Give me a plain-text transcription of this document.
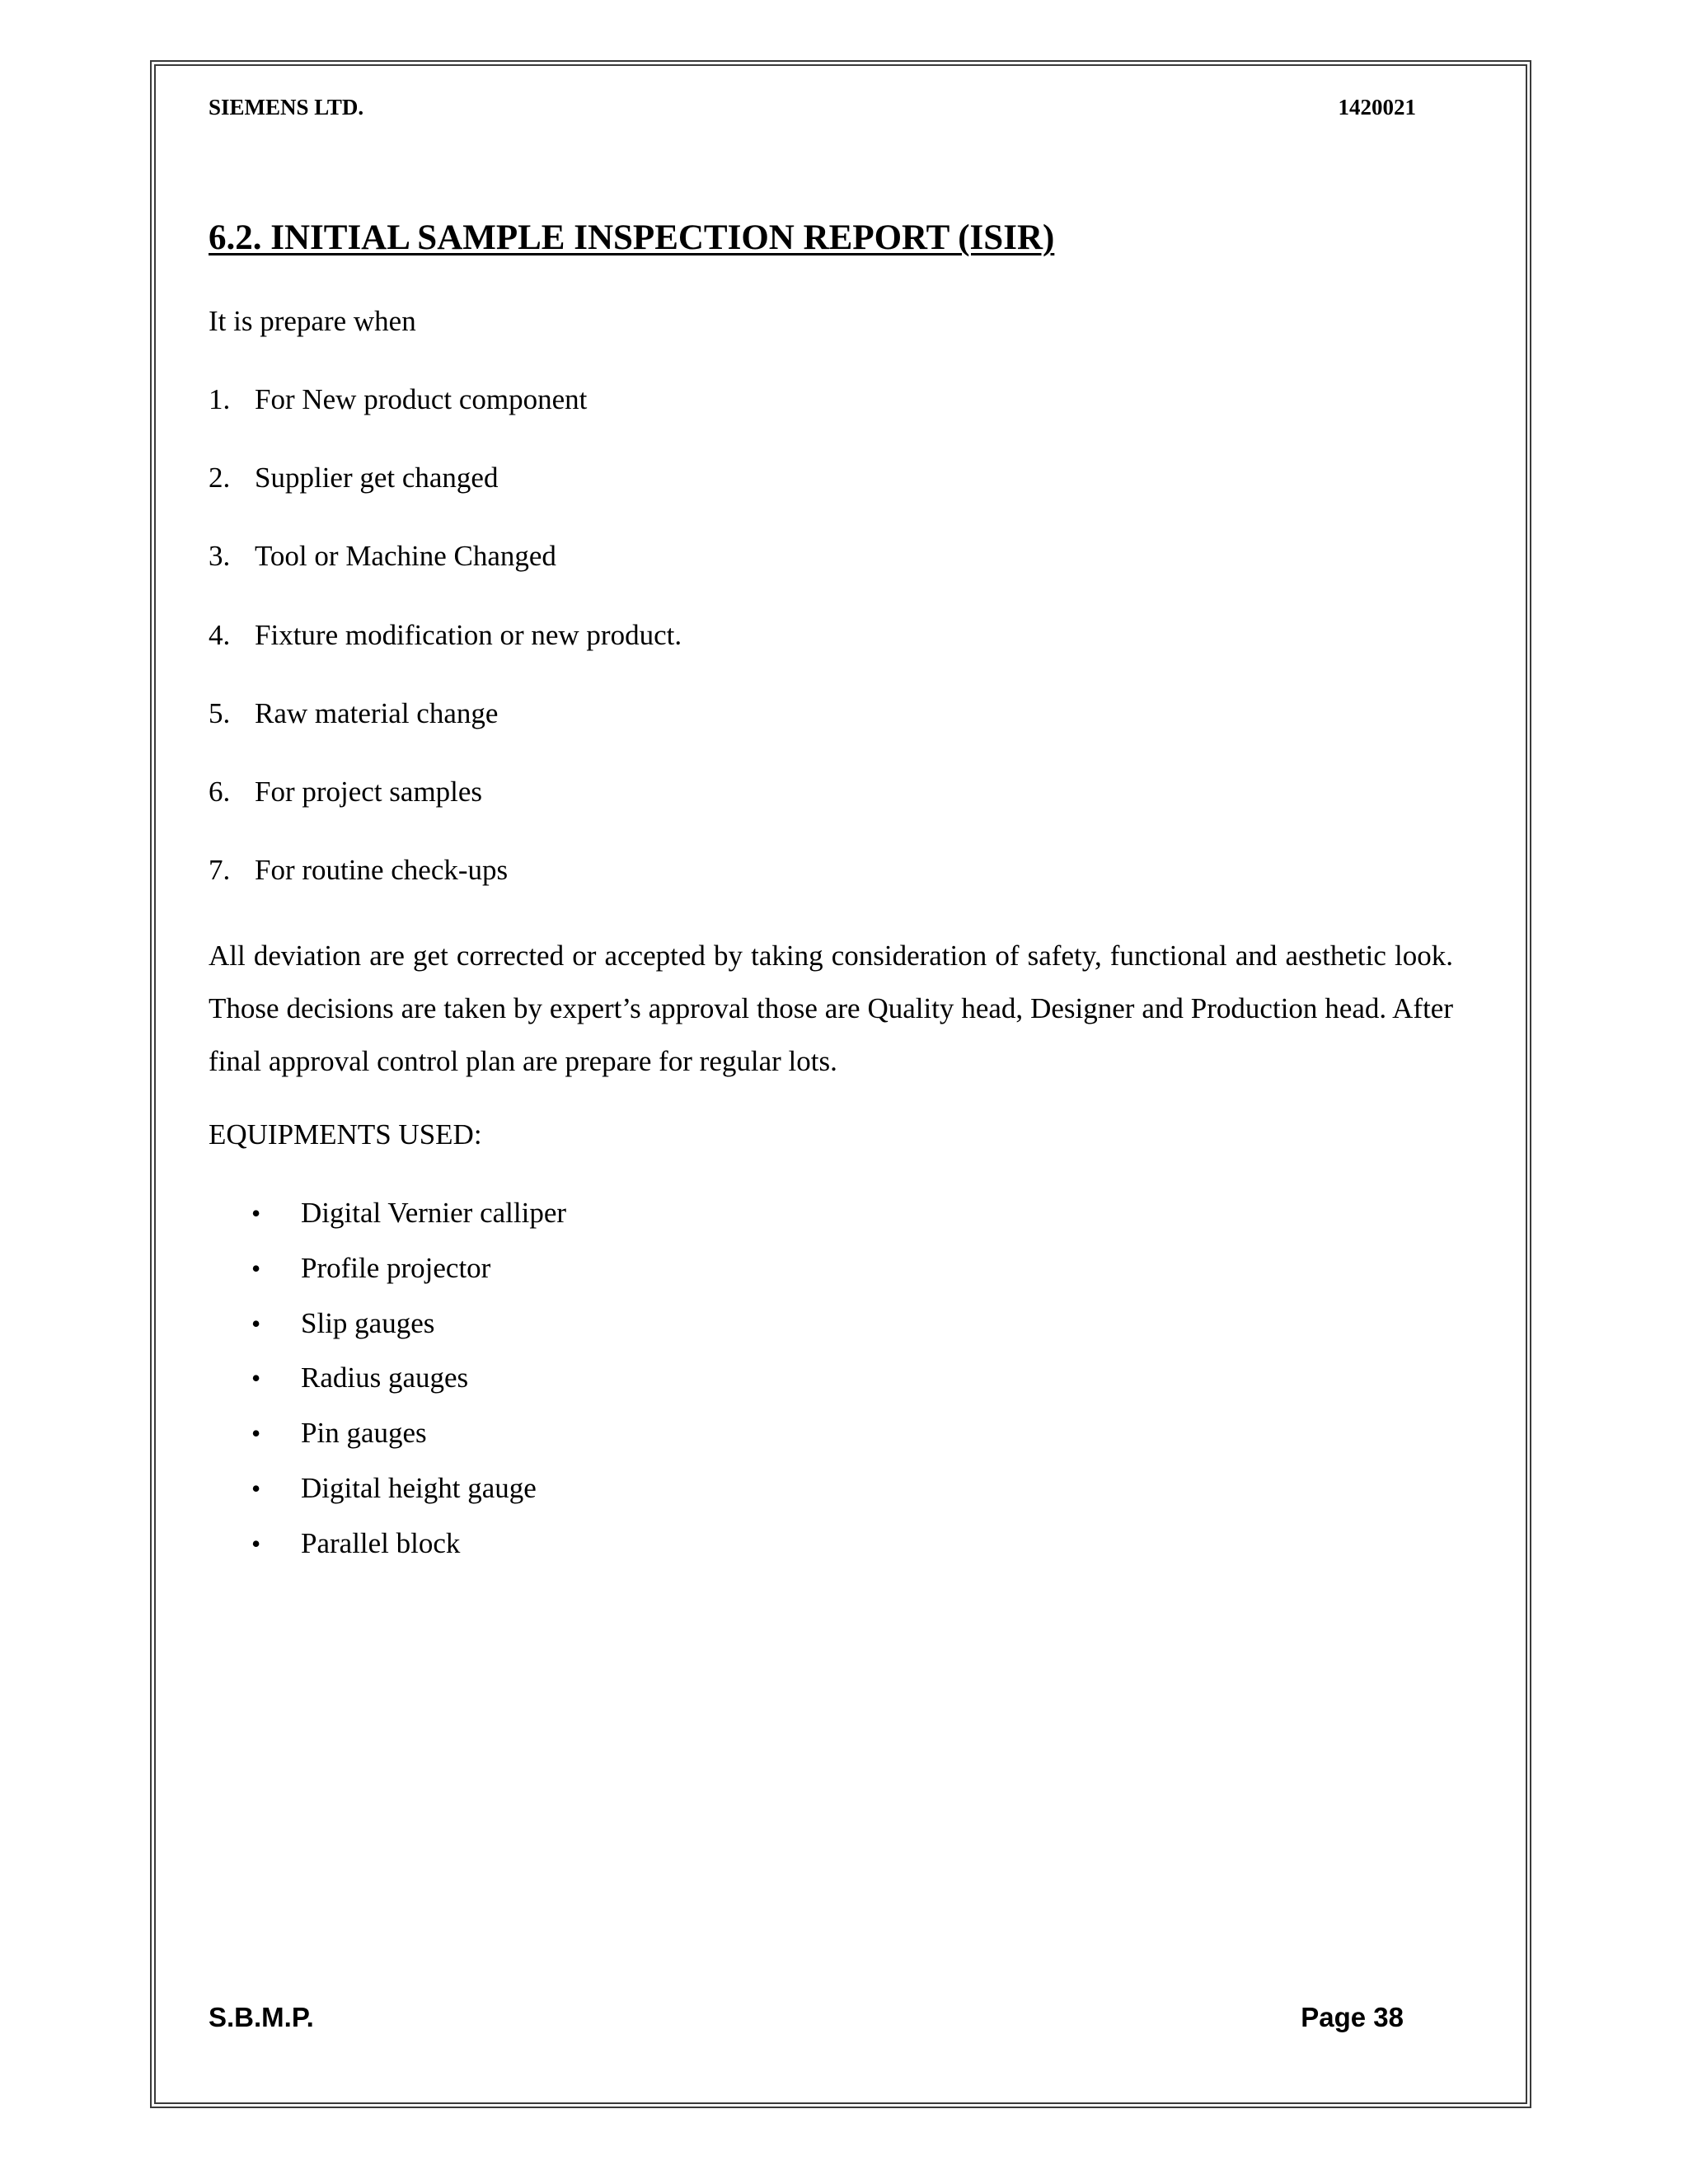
SIEMENS LTD.	1420021
6.2. INITIAL SAMPLE INSPECTION REPORT (ISIR)
It is prepare when
1. For New product component
2. Supplier get changed
3. Tool or Machine Changed
4. Fixture modification or new product.
5. Raw material change
6. For project samples
7. For routine check-ups

All deviation are get corrected or accepted by taking consideration of safety, functional and aesthetic look. Those decisions are taken by expert’s approval those are Quality head, Designer and Production head. After final approval control plan are prepare for regular lots.

EQUIPMENTS USED:
•	Digital Vernier calliper
•	Profile projector
•	Slip gauges
•	Radius gauges
•	Pin gauges
•	Digital height gauge
•	Parallel block
S.B.M.P.	Page 38
